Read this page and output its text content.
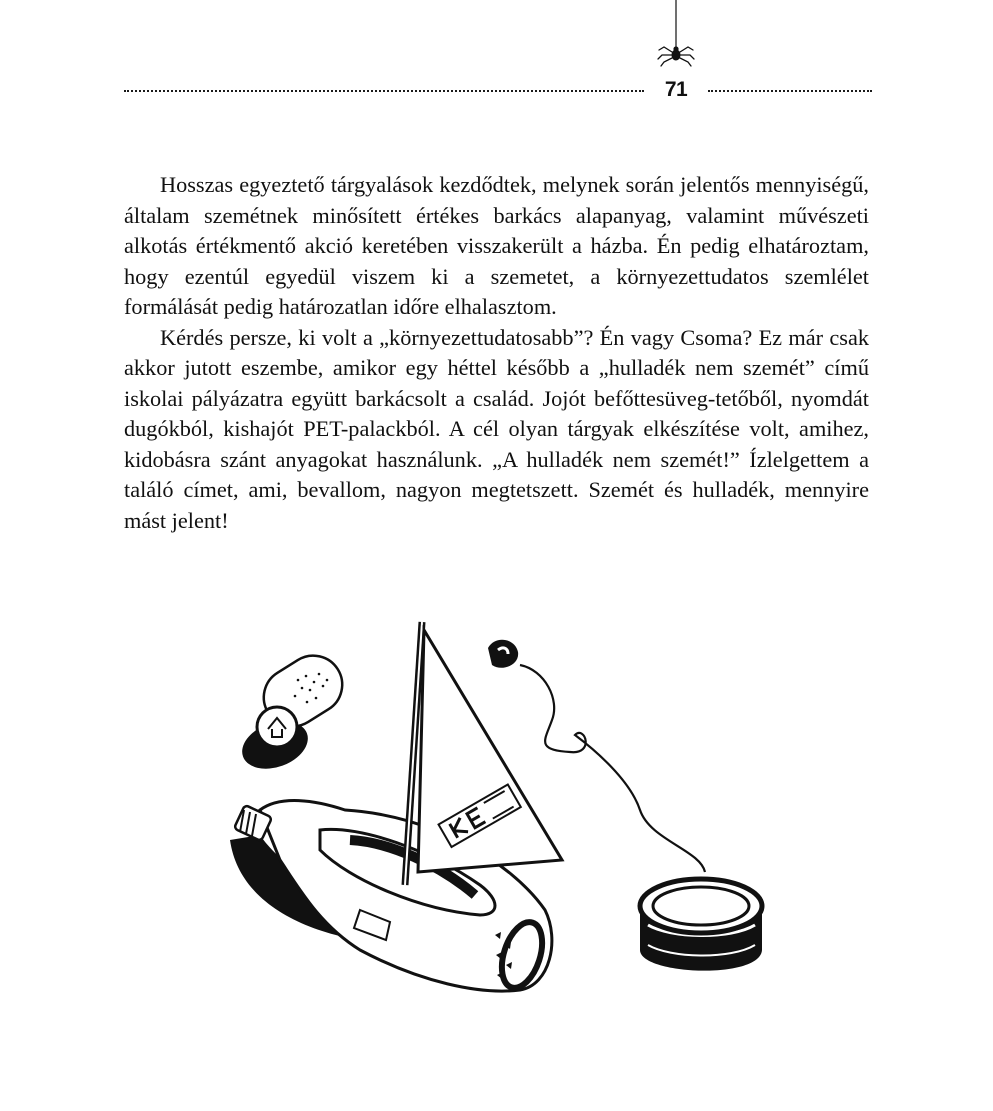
71

Hosszas egyeztető tárgyalások kezdődtek, melynek során jelentős mennyiségű, általam szemétnek minősített értékes barkács alapanyag, valamint művészeti alkotás értékmentő akció keretében visszakerült a házba. Én pedig elhatároztam, hogy ezentúl egyedül viszem ki a szemetet, a környezettudatos szemlélet formálását pedig határozatlan időre elhalasztom.

Kérdés persze, ki volt a „környezettudatosabb”? Én vagy Csoma? Ez már csak akkor jutott eszembe, amikor egy héttel később a „hulladék nem szemét” című iskolai pályázatra együtt barkácsolt a család. Jojót befőttesüveg-tetőből, nyomdát dugókból, kishajót PET-palackból. A cél olyan tárgyak elkészítése volt, amihez, kidobásra szánt anyagokat használunk. „A hulladék nem szemét!” Ízlelgettem a találó címet, ami, bevallom, nagyon megtetszett. Szemét és hulladék, mennyire mást jelent!
